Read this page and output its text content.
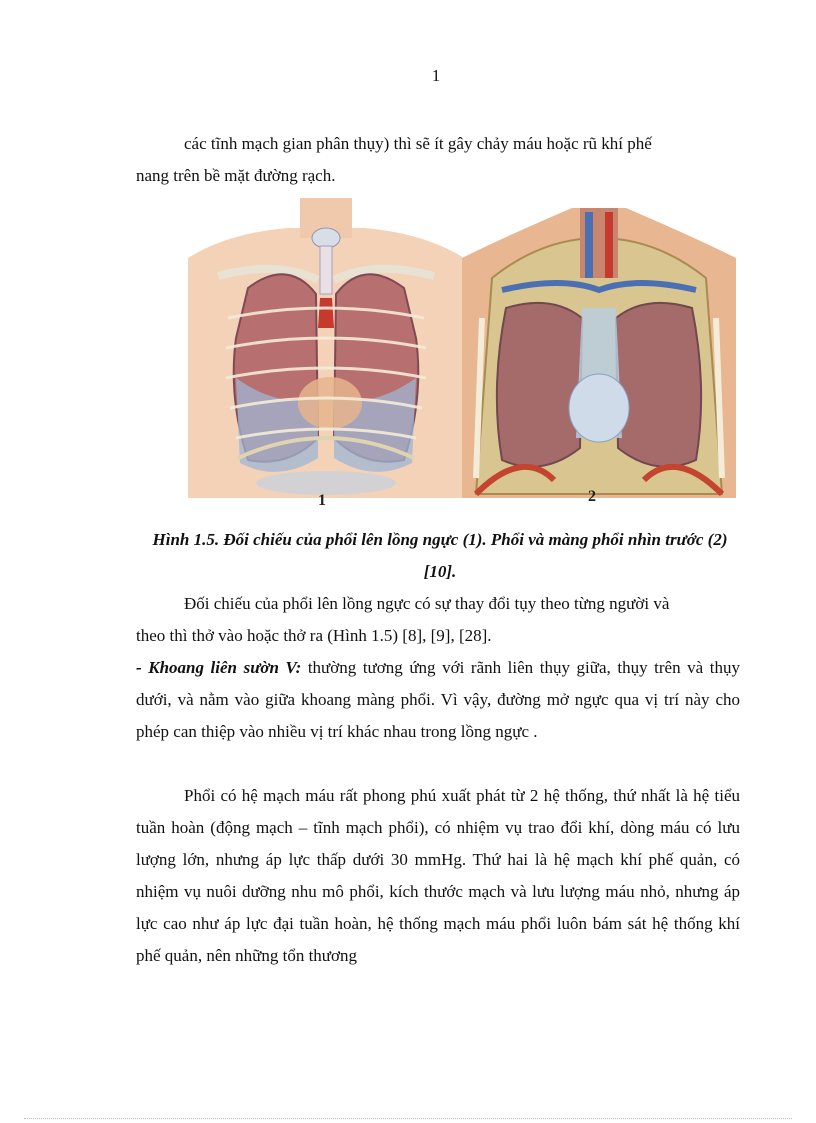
1
các tĩnh mạch gian phân thụy) thì sẽ ít gây chảy máu hoặc rũ khí phế
nang trên bề mặt đường rạch.
1	2
Hình 1.5. Đối chiếu của phổi lên lồng ngực (1). Phổi và màng phổi nhìn trước (2) [10].
Đối chiếu của phổi lên lồng ngực có sự thay đổi tụy theo từng người và
theo thì thở vào hoặc thở ra (Hình 1.5) [8], [9], [28].

- Khoang liên sườn V: thường tương ứng với rãnh liên thụy giữa, thụy trên và thụy dưới, và nằm vào giữa khoang màng phổi. Vì vậy, đường mở ngực qua vị trí này cho phép can thiệp vào nhiều vị trí khác nhau trong lồng ngực .

Phổi có hệ mạch máu rất phong phú xuất phát từ 2 hệ thống, thứ nhất là hệ tiểu tuần hoàn (động mạch – tĩnh mạch phổi), có nhiệm vụ trao đổi khí, dòng máu có lưu lượng lớn, nhưng áp lực thấp dưới 30 mmHg. Thứ hai là hệ mạch khí phế quản, có nhiệm vụ nuôi dưỡng nhu mô phổi, kích thước mạch và lưu lượng máu nhỏ, nhưng áp lực cao như áp lực đại tuần hoàn, hệ thống mạch máu phổi luôn bám sát hệ thống khí phế quản, nên những tổn thương
